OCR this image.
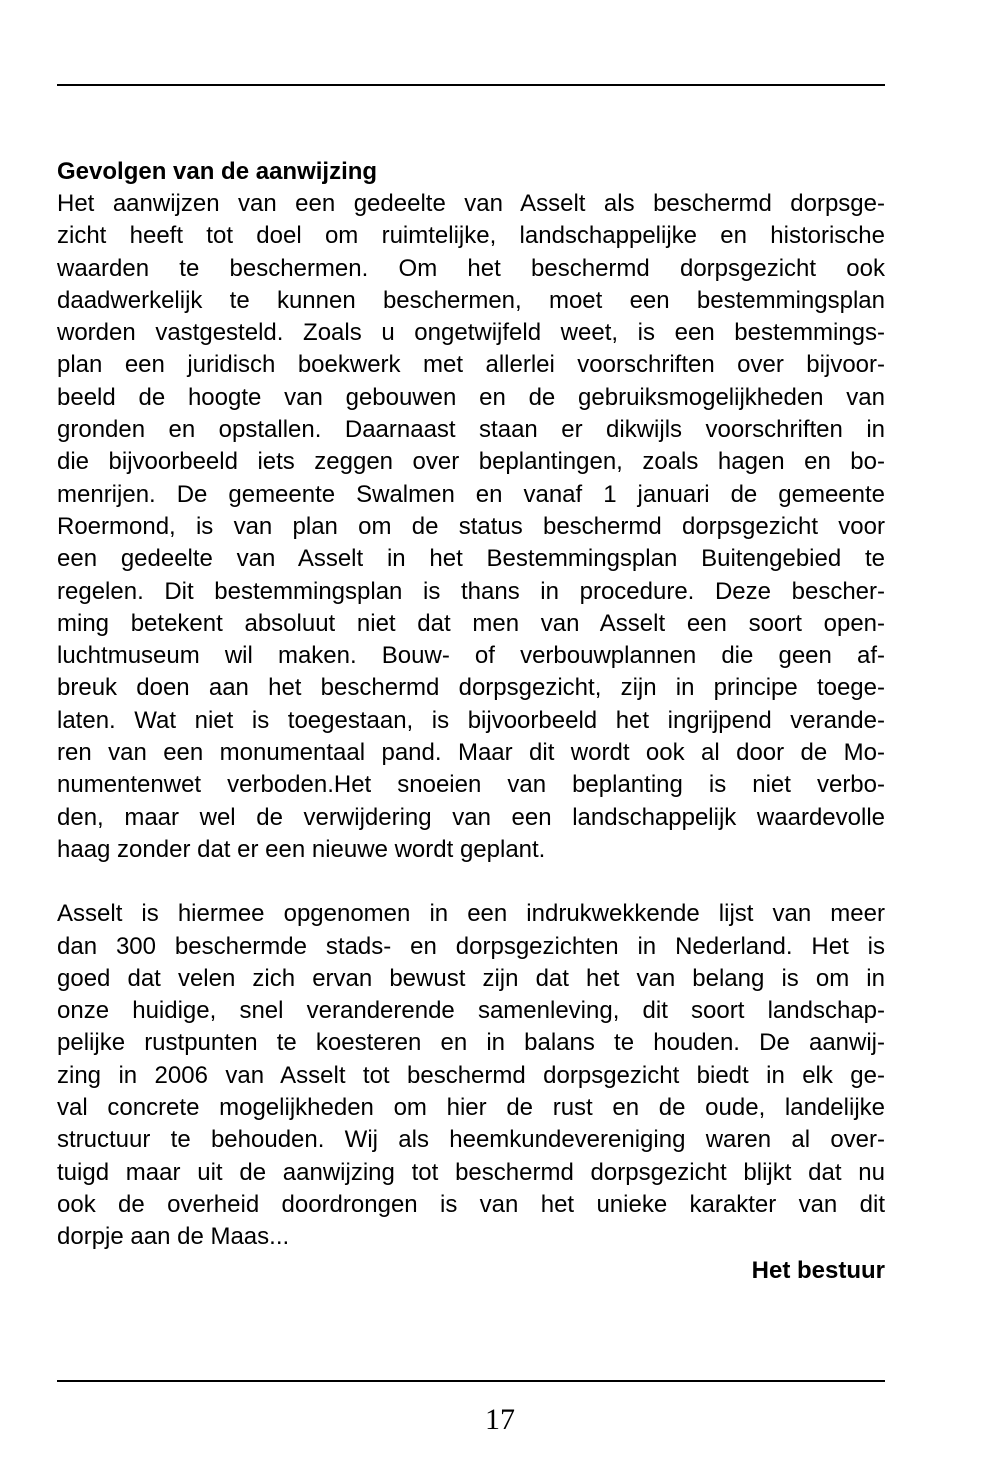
Gevolgen van de aanwijzing
Het aanwijzen van een gedeelte van Asselt als beschermd dorpsge-
zicht heeft tot doel om ruimtelijke, landschappelijke en historische
waarden te beschermen. Om het beschermd dorpsgezicht ook
daadwerkelijk te kunnen beschermen, moet een bestemmingsplan
worden vastgesteld. Zoals u ongetwijfeld weet, is een bestemmings-
plan een juridisch boekwerk met allerlei voorschriften over bijvoor-
beeld de hoogte van gebouwen en de gebruiksmogelijkheden van
gronden en opstallen. Daarnaast staan er dikwijls voorschriften in
die bijvoorbeeld iets zeggen over beplantingen, zoals hagen en bo-
menrijen. De gemeente Swalmen en vanaf 1 januari de gemeente
Roermond, is van plan om de status beschermd dorpsgezicht voor
een gedeelte van Asselt in het Bestemmingsplan Buitengebied te
regelen. Dit bestemmingsplan is thans in procedure. Deze bescher-
ming betekent absoluut niet dat men van Asselt een soort open-
luchtmuseum wil maken. Bouw- of verbouwplannen die geen af-
breuk doen aan het beschermd dorpsgezicht, zijn in principe toege-
laten. Wat niet is toegestaan, is bijvoorbeeld het ingrijpend verande-
ren van een monumentaal pand. Maar dit wordt ook al door de Mo-
numentenwet verboden.Het snoeien van beplanting is niet verbo-
den, maar wel de verwijdering van een landschappelijk waardevolle
haag zonder dat er een nieuwe wordt geplant.
Asselt is hiermee opgenomen in een indrukwekkende lijst van meer
dan 300 beschermde stads- en dorpsgezichten in Nederland. Het is
goed dat velen zich ervan bewust zijn dat het van belang is om in
onze huidige, snel veranderende samenleving, dit soort landschap-
pelijke rustpunten te koesteren en in balans te houden. De aanwij-
zing in 2006 van Asselt tot beschermd dorpsgezicht biedt in elk ge-
val concrete mogelijkheden om hier de rust en de oude, landelijke
structuur te behouden. Wij als heemkundevereniging waren al over-
tuigd maar uit de aanwijzing tot beschermd dorpsgezicht blijkt dat nu
ook de overheid doordrongen is van het unieke karakter van dit
dorpje aan de Maas...
Het bestuur
17
